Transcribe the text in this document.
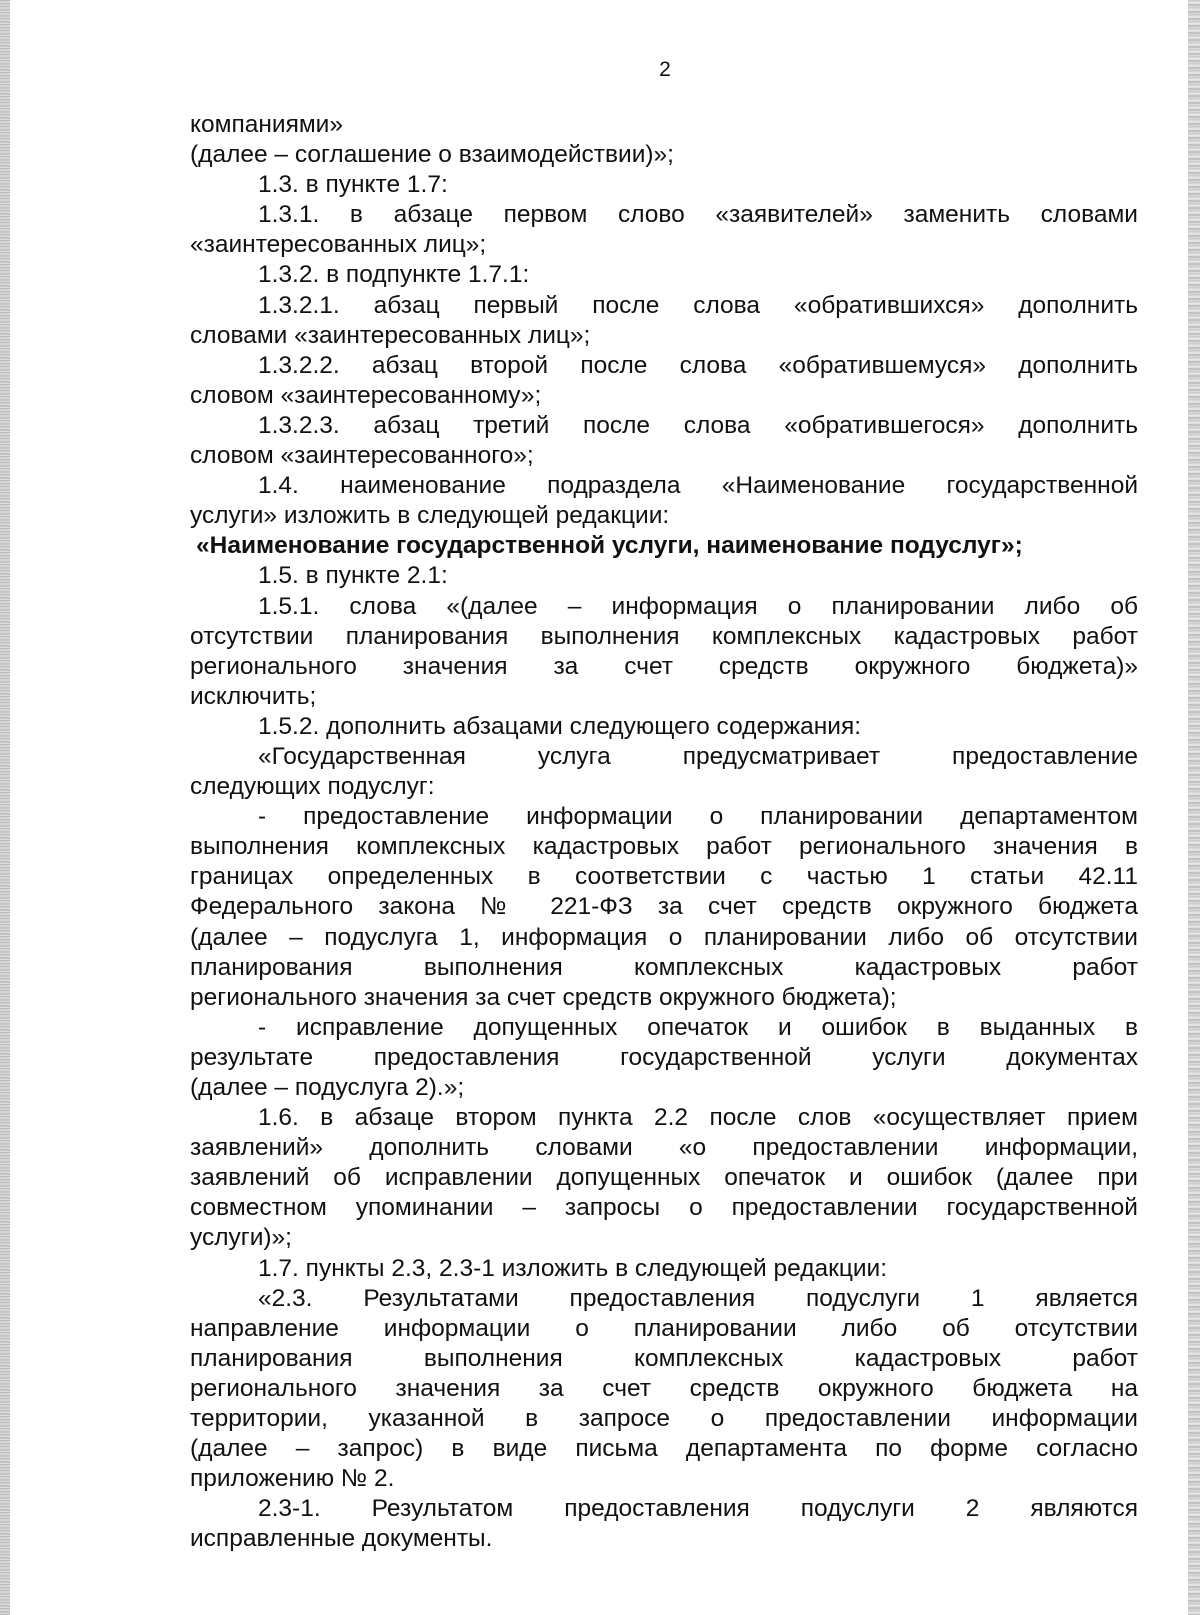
2
компаниями»
(далее – соглашение о взаимодействии)»;
1.3. в пункте 1.7:
1.3.1. в абзаце первом слово «заявителей» заменить словами
«заинтересованных лиц»;
1.3.2. в подпункте 1.7.1:
1.3.2.1. абзац первый после слова «обратившихся» дополнить
словами «заинтересованных лиц»;
1.3.2.2. абзац второй после слова «обратившемуся» дополнить
словом «заинтересованному»;
1.3.2.3. абзац третий после слова «обратившегося» дополнить
словом «заинтересованного»;
1.4. наименование подраздела «Наименование государственной
услуги» изложить в следующей редакции:
«Наименование государственной услуги, наименование подуслуг»;
1.5. в пункте 2.1:
1.5.1. слова «(далее – информация о планировании либо об
отсутствии планирования выполнения комплексных кадастровых работ
регионального значения за счет средств окружного бюджета)»
исключить;
1.5.2. дополнить абзацами следующего содержания:
«Государственная услуга предусматривает предоставление
следующих подуслуг:
- предоставление информации о планировании департаментом
выполнения комплексных кадастровых работ регионального значения в
границах определенных в соответствии с частью 1 статьи 42.11
Федерального закона № 221-ФЗ за счет средств окружного бюджета
(далее – подуслуга 1, информация о планировании либо об отсутствии
планирования выполнения комплексных кадастровых работ
регионального значения за счет средств окружного бюджета);
- исправление допущенных опечаток и ошибок в выданных в
результате предоставления государственной услуги документах
(далее – подуслуга 2).»;
1.6. в абзаце втором пункта 2.2 после слов «осуществляет прием
заявлений» дополнить словами «о предоставлении информации,
заявлений об исправлении допущенных опечаток и ошибок (далее при
совместном упоминании – запросы о предоставлении государственной
услуги)»;
1.7. пункты 2.3, 2.3-1 изложить в следующей редакции:
«2.3. Результатами предоставления подуслуги 1 является
направление информации о планировании либо об отсутствии
планирования выполнения комплексных кадастровых работ
регионального значения за счет средств окружного бюджета на
территории, указанной в запросе о предоставлении информации
(далее – запрос) в виде письма департамента по форме согласно
приложению № 2.
2.3-1. Результатом предоставления подуслуги 2 являются
исправленные документы.
